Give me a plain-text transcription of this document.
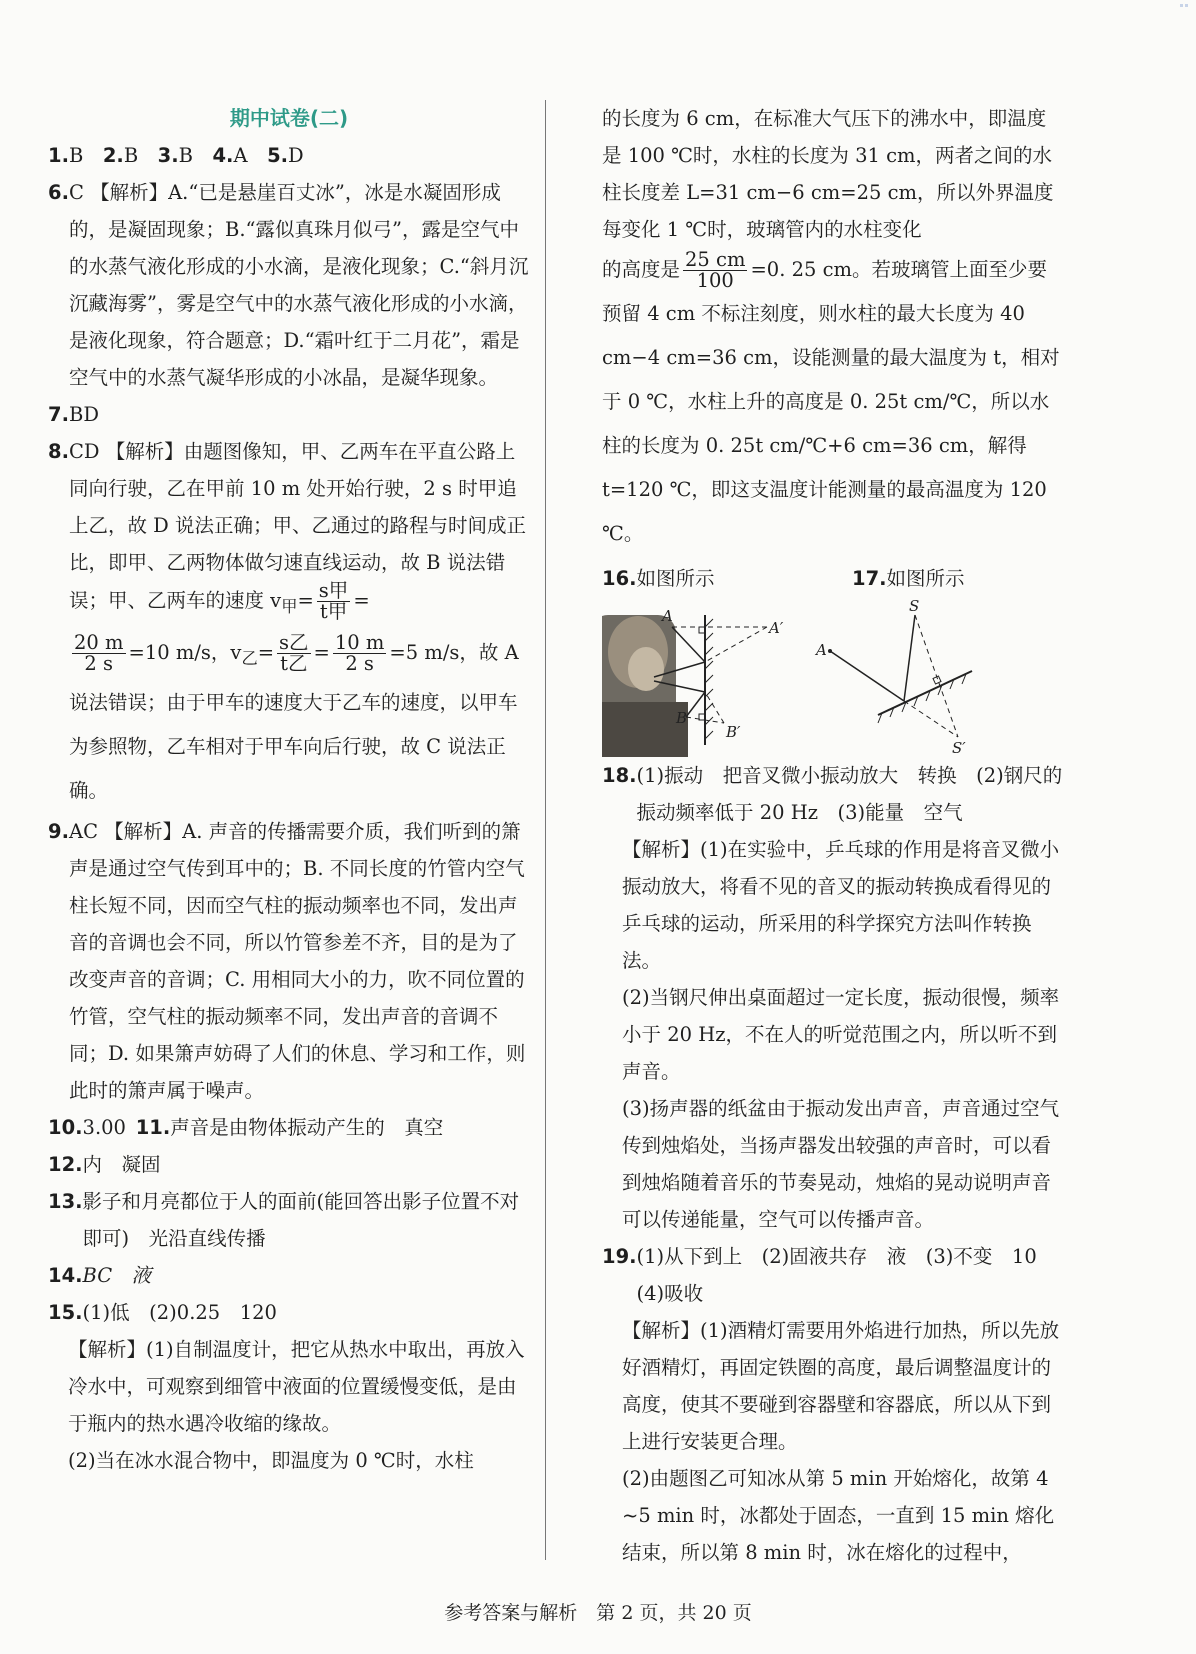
期中试卷(二)
1. B
  2. B
  3. B
  4. A
  5. D
6. C 【解析】A.“已是悬崖百丈冰”，冰是水凝固形成的，是凝固现象；B.“露似真珠月似弓”，露是空气中的水蒸气液化形成的小水滴，是液化现象；C.“斜月沉沉藏海雾”，雾是空气中的水蒸气液化形成的小水滴，是液化现象，符合题意；D.“霜叶红于二月花”，霜是空气中的水蒸气凝华形成的小冰晶，是凝华现象。
7. BD
8. CD 【解析】由题图像知，甲、乙两车在平直公路上同向行驶，乙在甲前 10 m 处开始行驶，2 s 时甲追上乙，故 D 说法正确；甲、乙通过的路程与时间成正比，即甲、乙两物体做匀速直线运动，故 B 说法错误；甲、乙两车的速度 $v_甲= \frac{\text{s甲}}{\text{t甲}}$ =
$\frac{20 m}{2 s} =10$ m/s，$v_乙= \frac{\text{s乙}}{\text{t乙}} = \frac{10 m}{2 s} =5$ m/s，故 A 说法错误；由于甲车的速度大于乙车的速度，以甲车为参照物，乙车相对于甲车向后行驶，故 C 说法正确。
9. AC 【解析】A. 声音的传播需要介质，我们听到的箫声是通过空气传到耳中的；B. 不同长度的竹管内空气柱长短不同，因而空气柱的振动频率也不同，发出声音的音调也会不同，所以竹管参差不齐，目的是为了改变声音的音调；C. 用相同大小的力，吹不同位置的竹管，空气柱的振动频率不同，发出声音的音调不同；D. 如果箫声妨碍了人们的休息、学习和工作，则此时的箫声属于噪声。
10. 3.00
  11. 声音是由物体振动产生的　真空
12. 内　凝固
13. 影子和月亮都位于人的面前(能回答出影子位置不对即可)　光沿直线传播
14. BC　液
15. (1)低　(2)0.25　120
【解析】(1)自制温度计，把它从热水中取出，再放入冷水中，可观察到细管中液面的位置缓慢变低，是由于瓶内的热水遇冷收缩的缘故。
(2)当在冰水混合物中，即温度为 0 ℃时，水柱
的长度为 6 cm，在标准大气压下的沸水中，即温度是 100 ℃时，水柱的长度为 31 cm，两者之间的水柱长度差 L=31 cm−6 cm=25 cm，所以外界温度每变化 1 ℃时，玻璃管内的水柱变化
的高度是 $\frac{25 cm}{100} =0$. 25 cm。若玻璃管上面至少要预留 4 cm 不标注刻度，则水柱的最大长度为 40 cm−4 cm=36 cm，设能测量的最大温度为 t，相对于 0 ℃，水柱上升的高度是 0. 25t cm/℃，所以水柱的长度为 0. 25t cm/℃+6 cm=36 cm，解得 t=120 ℃，即这支温度计能测量的最高温度为 120 ℃。
16. 如图所示	17. 如图所示
A
A′
B
B′
S
A
S′
18. (1)振动　把音叉微小振动放大　转换　(2)钢尺的振动频率低于 20 Hz　(3)能量　空气
【解析】(1)在实验中，乒乓球的作用是将音叉微小振动放大，将看不见的音叉的振动转换成看得见的乒乓球的运动，所采用的科学探究方法叫作转换法。
(2)当钢尺伸出桌面超过一定长度，振动很慢，频率小于 20 Hz，不在人的听觉范围之内，所以听不到声音。
(3)扬声器的纸盆由于振动发出声音，声音通过空气传到烛焰处，当扬声器发出较强的声音时，可以看到烛焰随着音乐的节奏晃动，烛焰的晃动说明声音可以传递能量，空气可以传播声音。
19. (1)从下到上　(2)固液共存　液　(3)不变　10　(4)吸收
【解析】(1)酒精灯需要用外焰进行加热，所以先放好酒精灯，再固定铁圈的高度，最后调整温度计的高度，使其不要碰到容器壁和容器底，所以从下到上进行安装更合理。
(2)由题图乙可知冰从第 5 min 开始熔化，故第 4 ~5 min 时，冰都处于固态，一直到 15 min 熔化结束，所以第 8 min 时，冰在熔化的过程中，
参考答案与解析　第 2 页，共 20 页
